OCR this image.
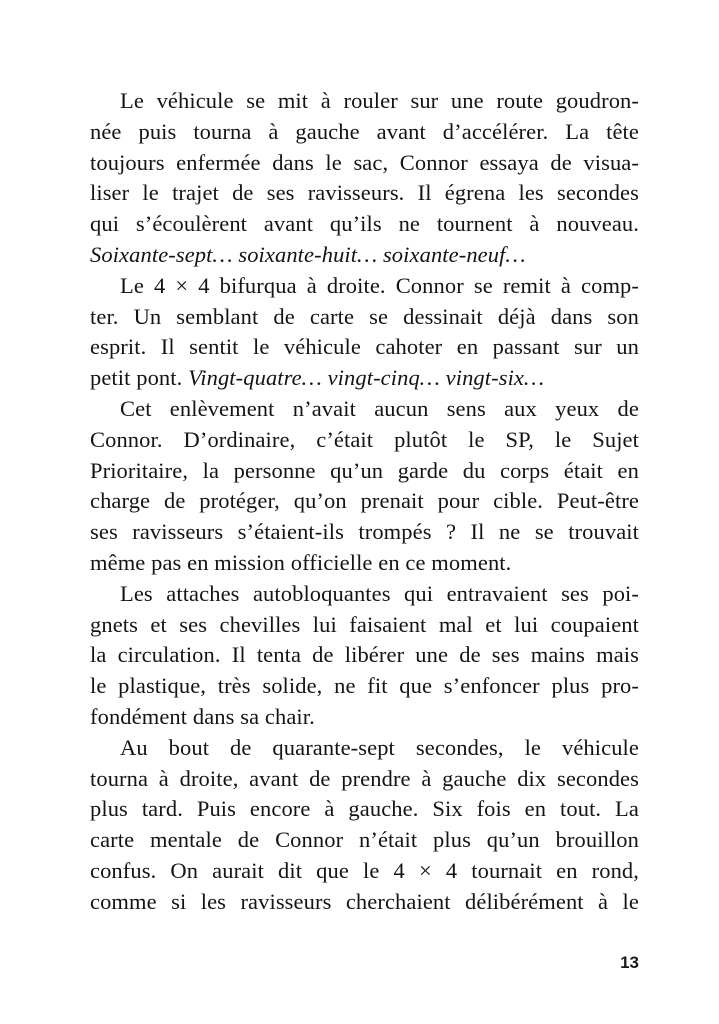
Le véhicule se mit à rouler sur une route goudron-
née puis tourna à gauche avant d’accélérer. La tête
toujours enfermée dans le sac, Connor essaya de visua-
liser le trajet de ses ravisseurs. Il égrena les secondes
qui s’écoulèrent avant qu’ils ne tournent à nouveau.
Soixante-sept… soixante-huit… soixante-neuf…
Le 4 × 4 bifurqua à droite. Connor se remit à comp-
ter. Un semblant de carte se dessinait déjà dans son
esprit. Il sentit le véhicule cahoter en passant sur un
petit pont. Vingt-quatre… vingt-cinq… vingt-six…
Cet enlèvement n’avait aucun sens aux yeux de
Connor. D’ordinaire, c’était plutôt le SP, le Sujet
Prioritaire, la personne qu’un garde du corps était en
charge de protéger, qu’on prenait pour cible. Peut-être
ses ravisseurs s’étaient-ils trompés ? Il ne se trouvait
même pas en mission officielle en ce moment.
Les attaches autobloquantes qui entravaient ses poi-
gnets et ses chevilles lui faisaient mal et lui coupaient
la circulation. Il tenta de libérer une de ses mains mais
le plastique, très solide, ne fit que s’enfoncer plus pro-
fondément dans sa chair.
Au bout de quarante-sept secondes, le véhicule
tourna à droite, avant de prendre à gauche dix secondes
plus tard. Puis encore à gauche. Six fois en tout. La
carte mentale de Connor n’était plus qu’un brouillon
confus. On aurait dit que le 4 × 4 tournait en rond,
comme si les ravisseurs cherchaient délibérément à le
13
